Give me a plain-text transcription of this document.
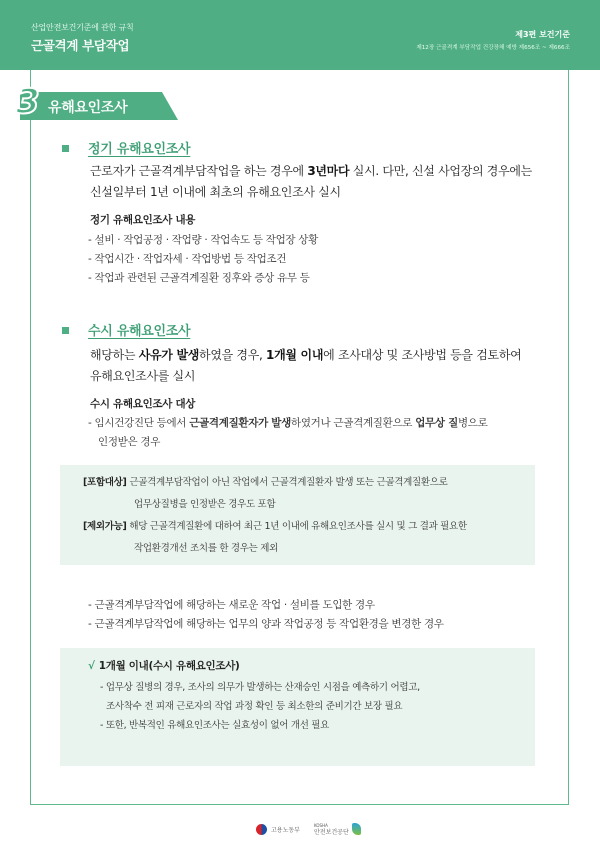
산업안전보건기준에 관한 규칙
근골격계 부담작업
제3편 보건기준
제12장 근골격계 부담작업 건강장해 예방 제656조 ~ 제666조
3 유해요인조사
정기 유해요인조사
근로자가 근골격계부담작업을 하는 경우에 3년마다 실시. 다만, 신설 사업장의 경우에는
신설일부터 1년 이내에 최초의 유해요인조사 실시
정기 유해요인조사 내용
- 설비 · 작업공정 · 작업량 · 작업속도 등 작업장 상황
- 작업시간 · 작업자세 · 작업방법 등 작업조건
- 작업과 관련된 근골격계질환 징후와 증상 유무 등
수시 유해요인조사
해당하는 사유가 발생하였을 경우, 1개월 이내에 조사대상 및 조사방법 등을 검토하여
유해요인조사를 실시
수시 유해요인조사 대상
- 임시건강진단 등에서 근골격계질환자가 발생하였거나 근골격계질환으로 업무상 질병으로
인정받은 경우
[포함대상] 근골격계부담작업이 아닌 작업에서 근골격계질환자 발생 또는 근골격계질환으로
업무상질병을 인정받은 경우도 포함
[제외가능] 해당 근골격계질환에 대하여 최근 1년 이내에 유해요인조사를 실시 및 그 결과 필요한
작업환경개선 조치를 한 경우는 제외
- 근골격계부담작업에 해당하는 새로운 작업 · 설비를 도입한 경우
- 근골격계부담작업에 해당하는 업무의 양과 작업공정 등 작업환경을 변경한 경우
√ 1개월 이내(수시 유해요인조사)
- 업무상 질병의 경우, 조사의 의무가 발생하는 산재승인 시점을 예측하기 어렵고,
조사착수 전 피재 근로자의 작업 과정 확인 등 최소한의 준비기간 보장 필요
- 또한, 반복적인 유해요인조사는 실효성이 없어 개선 필요
고용노동부
KOSHA
안전보건공단
